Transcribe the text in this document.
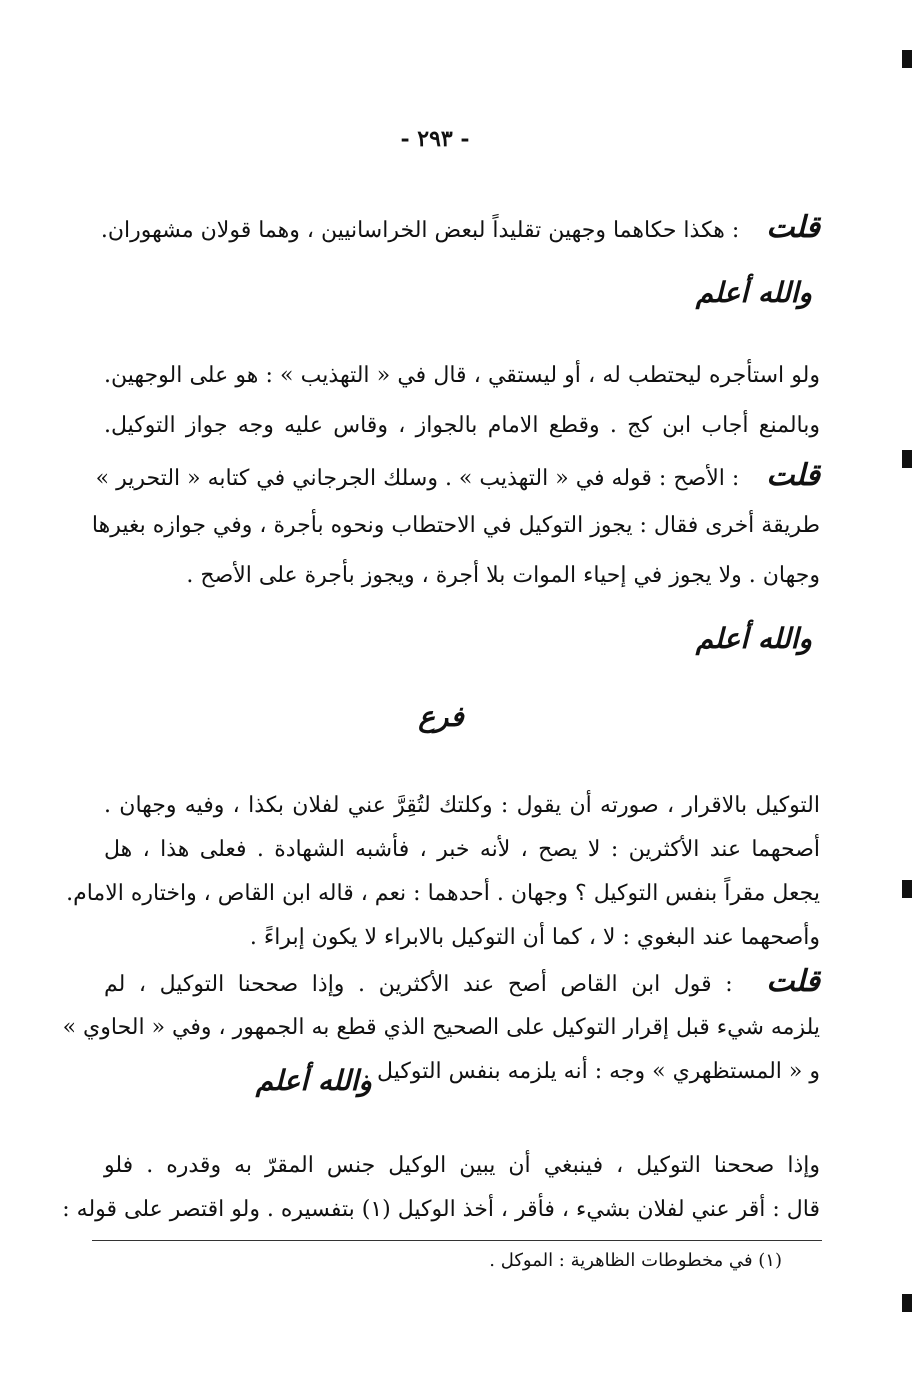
- ٢٩٣ -
قلت : هكذا حكاهما وجهين تقليداً لبعض الخراسانيين ، وهما قولان مشهوران.
والله أعلم
ولو استأجره ليحتطب له ، أو ليستقي ، قال في « التهذيب » : هو على الوجهين.
وبالمنع أجاب ابن كج . وقطع الامام بالجواز ، وقاس عليه وجه جواز التوكيل.
قلت : الأصح : قوله في « التهذيب » . وسلك الجرجاني في كتابه « التحرير »
طريقة أخرى فقال : يجوز التوكيل في الاحتطاب ونحوه بأجرة ، وفي جوازه بغيرها
وجهان . ولا يجوز في إحياء الموات بلا أجرة ، ويجوز بأجرة على الأصح .
والله أعلم
فرع
التوكيل بالاقرار ، صورته أن يقول : وكلتك لتُقِرَّ عني لفلان بكذا ، وفيه وجهان .
أصحهما عند الأكثرين : لا يصح ، لأنه خبر ، فأشبه الشهادة . فعلى هذا ، هل
يجعل مقراً بنفس التوكيل ؟ وجهان . أحدهما : نعم ، قاله ابن القاص ، واختاره الامام.
وأصحهما عند البغوي : لا ، كما أن التوكيل بالابراء لا يكون إبراءً .
قلت : قول ابن القاص أصح عند الأكثرين . وإذا صححنا التوكيل ، لم
يلزمه شيء قبل إقرار التوكيل على الصحيح الذي قطع به الجمهور ، وفي « الحاوي »
و « المستظهري » وجه : أنه يلزمه بنفس التوكيل .
والله أعلم
وإذا صححنا التوكيل ، فينبغي أن يبين الوكيل جنس المقرّ به وقدره . فلو
قال : أقر عني لفلان بشيء ، فأقر ، أخذ الوكيل (١) بتفسيره . ولو اقتصر على قوله :
(١) في مخطوطات الظاهرية : الموكل .
